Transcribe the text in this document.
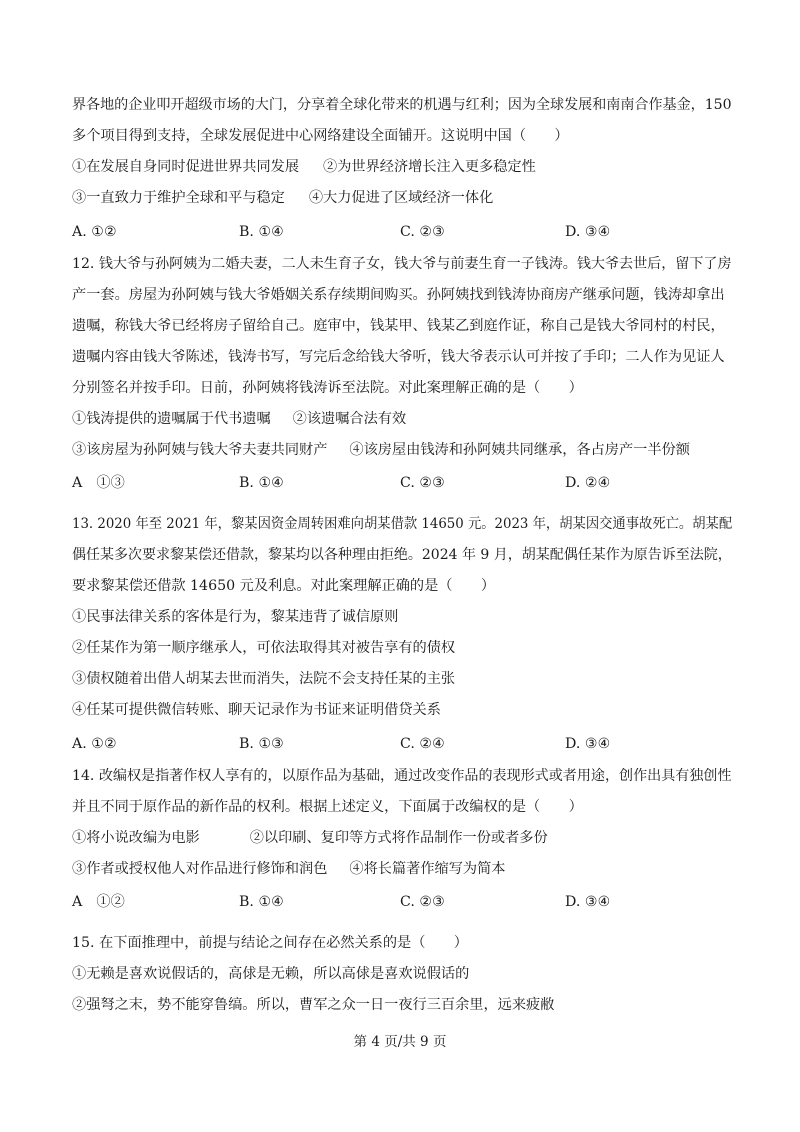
界各地的企业叩开超级市场的大门，分享着全球化带来的机遇与红利；因为全球发展和南南合作基金，150
多个项目得到支持，全球发展促进中心网络建设全面铺开。这说明中国（　　）
①在发展自身同时促进世界共同发展 ②为世界经济增长注入更多稳定性
③一直致力于维护全球和平与稳定 ④大力促进了区域经济一体化
A. ①②	B. ①④	C. ②③	D. ③④
12. 钱大爷与孙阿姨为二婚夫妻，二人未生育子女，钱大爷与前妻生育一子钱涛。钱大爷去世后，留下了房
产一套。房屋为孙阿姨与钱大爷婚姻关系存续期间购买。孙阿姨找到钱涛协商房产继承问题，钱涛却拿出
遗嘱，称钱大爷已经将房子留给自己。庭审中，钱某甲、钱某乙到庭作证，称自己是钱大爷同村的村民，
遗嘱内容由钱大爷陈述，钱涛书写，写完后念给钱大爷听，钱大爷表示认可并按了手印；二人作为见证人
分别签名并按手印。日前，孙阿姨将钱涛诉至法院。对此案理解正确的是（　　）
①钱涛提供的遗嘱属于代书遗嘱 ②该遗嘱合法有效
③该房屋为孙阿姨与钱大爷夫妻共同财产 ④该房屋由钱涛和孙阿姨共同继承，各占房产一半份额
A　①③	B. ①④	C. ②③	D. ②④
13. 2020 年至 2021 年，黎某因资金周转困难向胡某借款 14650 元。2023 年，胡某因交通事故死亡。胡某配
偶任某多次要求黎某偿还借款，黎某均以各种理由拒绝。2024 年 9 月，胡某配偶任某作为原告诉至法院，
要求黎某偿还借款 14650 元及利息。对此案理解正确的是（　　）
①民事法律关系的客体是行为，黎某违背了诚信原则
②任某作为第一顺序继承人，可依法取得其对被告享有的债权
③债权随着出借人胡某去世而消失，法院不会支持任某的主张
④任某可提供微信转账、聊天记录作为书证来证明借贷关系
A. ①②	B. ①③	C. ②④	D. ③④
14. 改编权是指著作权人享有的，以原作品为基础，通过改变作品的表现形式或者用途，创作出具有独创性
并且不同于原作品的新作品的权利。根据上述定义，下面属于改编权的是（　　）
①将小说改编为电影	②以印刷、复印等方式将作品制作一份或者多份
③作者或授权他人对作品进行修饰和润色 ④将长篇著作缩写为简本
A　①②	B. ①④	C. ②③	D. ③④
15. 在下面推理中，前提与结论之间存在必然关系的是（　　）
①无赖是喜欢说假话的，高俅是无赖，所以高俅是喜欢说假话的
②强弩之末，势不能穿鲁缟。所以，曹军之众一日一夜行三百余里，远来疲敝
第 4 页/共 9 页
